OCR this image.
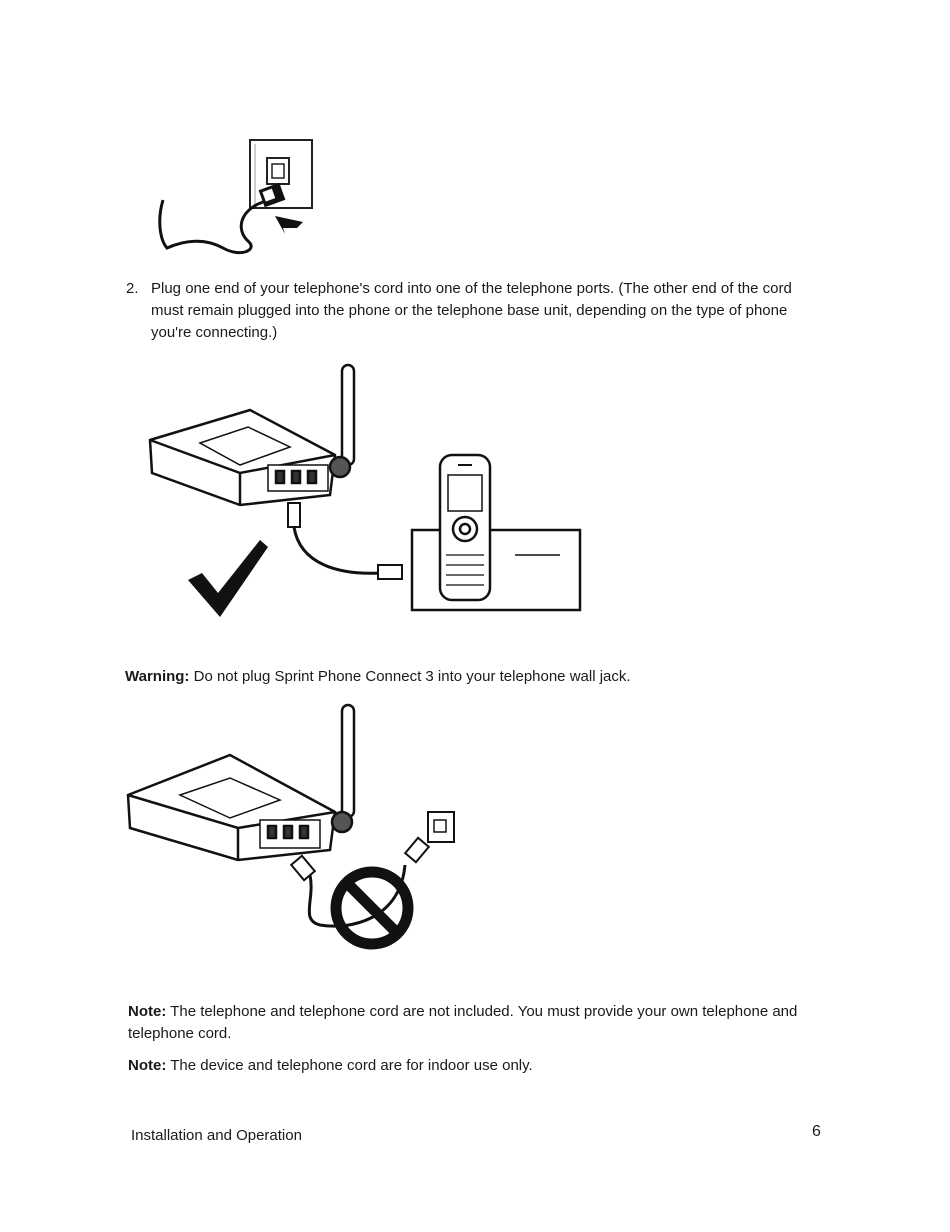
2. Plug one end of your telephone's cord into one of the telephone ports. (The other end of the cord must remain plugged into the phone or the telephone base unit, depending on the type of phone you're connecting.)
Warning: Do not plug Sprint Phone Connect 3 into your telephone wall jack.
Note: The telephone and telephone cord are not included. You must provide your own telephone and telephone cord.
Note: The device and telephone cord are for indoor use only.
Installation and Operation	6
